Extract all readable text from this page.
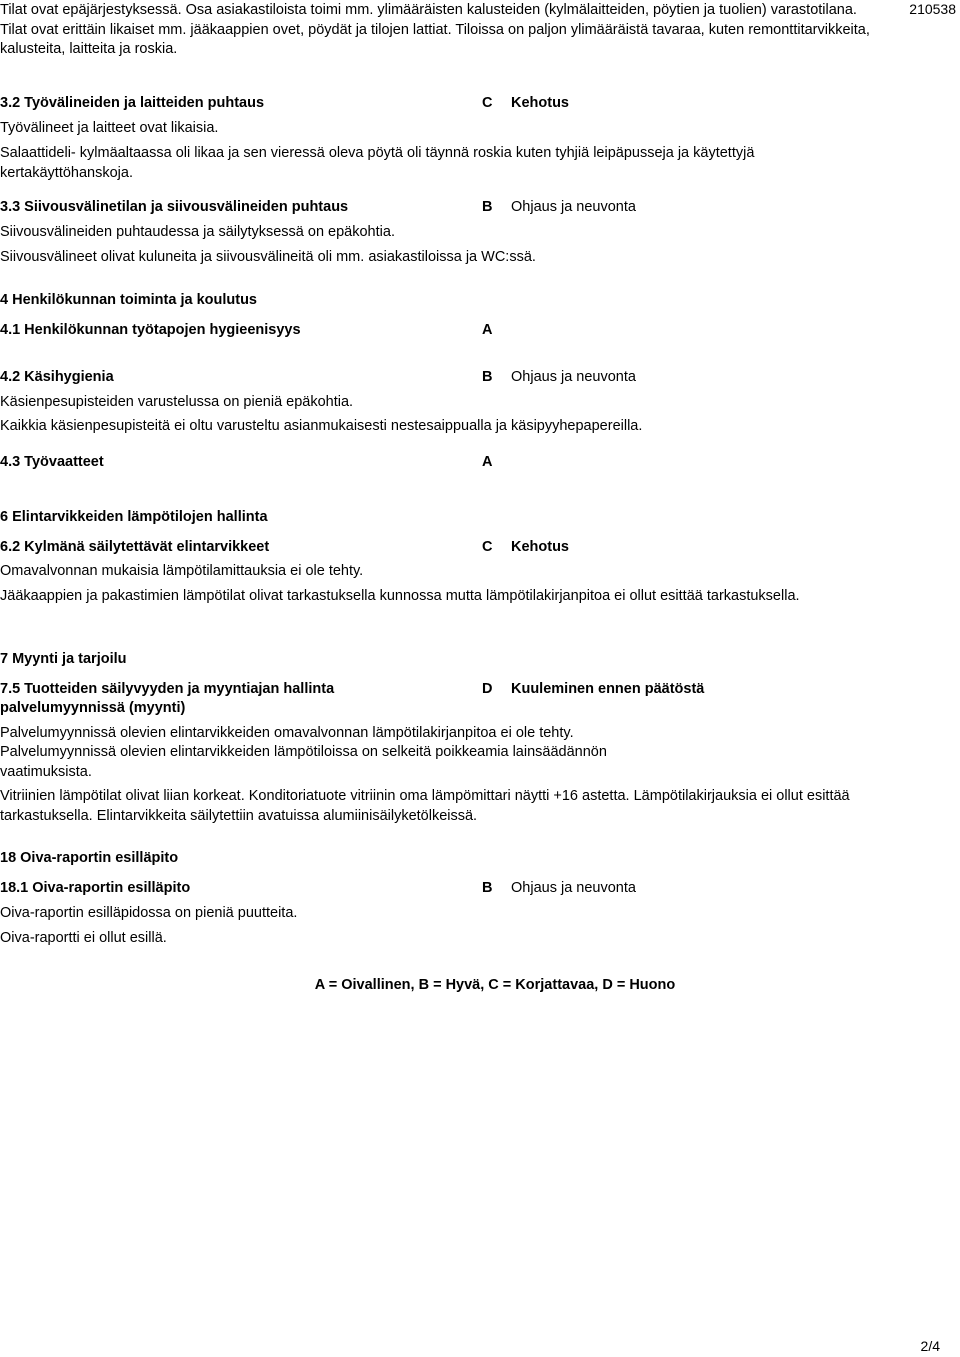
210538

Tilat ovat epäjärjestyksessä. Osa asiakastiloista toimi mm. ylimääräisten kalusteiden (kylmälaitteiden, pöytien ja tuolien) varastotilana. Tilat ovat erittäin likaiset mm. jääkaappien ovet, pöydät ja tilojen lattiat. Tiloissa on paljon ylimääräistä tavaraa, kuten remonttitarvikkeita, kalusteita, laitteita ja roskia.

3.2 Työvälineiden ja laitteiden puhtaus	C Kehotus

Työvälineet ja laitteet ovat likaisia.

Salaattideli- kylmäaltaassa oli likaa ja sen vieressä oleva pöytä oli täynnä roskia kuten tyhjiä leipäpusseja ja käytettyjä kertakäyttöhanskoja.

3.3 Siivousvälinetilan ja siivousvälineiden puhtaus	B Ohjaus ja neuvonta

Siivousvälineiden puhtaudessa ja säilytyksessä on epäkohtia.

Siivousvälineet olivat kuluneita ja siivousvälineitä oli mm. asiakastiloissa ja WC:ssä.

4 Henkilökunnan toiminta ja koulutus
4.1 Henkilökunnan työtapojen hygieenisyys	A
4.2 Käsihygienia	B Ohjaus ja neuvonta

Käsienpesupisteiden varustelussa on pieniä epäkohtia.

Kaikkia käsienpesupisteitä ei oltu varusteltu asianmukaisesti nestesaippualla ja käsipyyhepapereilla.

4.3 Työvaatteet	A
6 Elintarvikkeiden lämpötilojen hallinta
6.2 Kylmänä säilytettävät elintarvikkeet	C Kehotus

Omavalvonnan mukaisia lämpötilamittauksia ei ole tehty.

Jääkaappien ja pakastimien lämpötilat olivat tarkastuksella kunnossa mutta lämpötilakirjanpitoa ei ollut esittää tarkastuksella.

7 Myynti ja tarjoilu
7.5 Tuotteiden säilyvyyden ja myyntiajan hallinta	D Kuuleminen ennen päätöstä
palvelumyynnissä (myynti)

Palvelumyynnissä olevien elintarvikkeiden omavalvonnan lämpötilakirjanpitoa ei ole tehty.

Palvelumyynnissä olevien elintarvikkeiden lämpötiloissa on selkeitä poikkeamia lainsäädännön vaatimuksista.

Vitriinien lämpötilat olivat liian korkeat. Konditoriatuote vitriinin oma lämpömittari näytti +16 astetta. Lämpötilakirjauksia ei ollut esittää tarkastuksella. Elintarvikkeita säilytettiin avatuissa alumiinisäilyketölkeissä.

18 Oiva-raportin esilläpito
18.1 Oiva-raportin esilläpito	B Ohjaus ja neuvonta

Oiva-raportin esilläpidossa on pieniä puutteita.

Oiva-raportti ei ollut esillä.

A = Oivallinen, B = Hyvä, C = Korjattavaa, D = Huono
2/4
